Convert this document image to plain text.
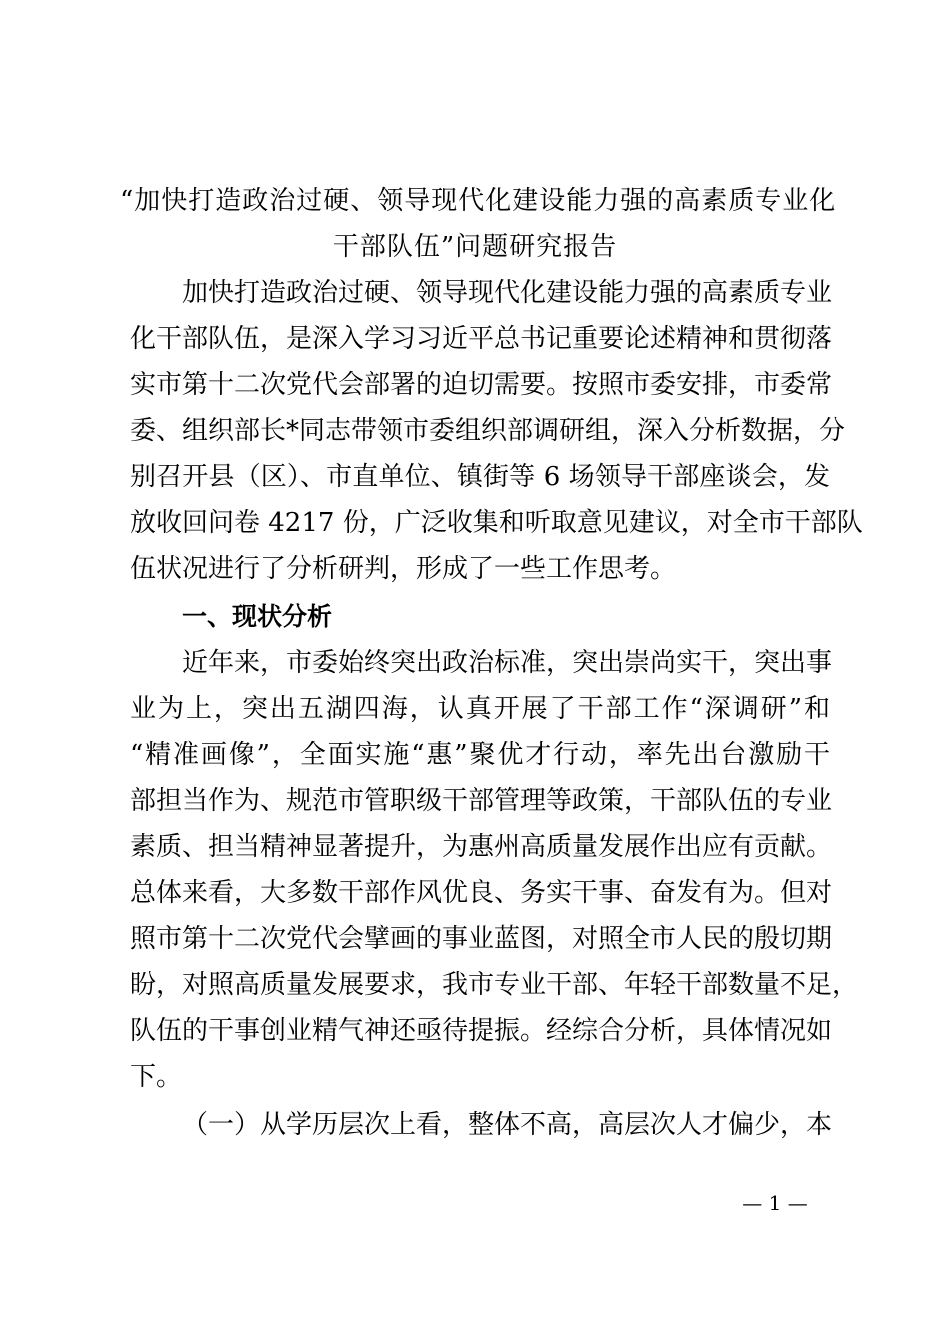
“加快打造政治过硬、领导现代化建设能力强的高素质专业化
干部队伍”问题研究报告
加快打造政治过硬、领导现代化建设能力强的高素质专业
化干部队伍，是深入学习习近平总书记重要论述精神和贯彻落
实市第十二次党代会部署的迫切需要。按照市委安排，市委常
委、组织部长*同志带领市委组织部调研组，深入分析数据，分
别召开县（区）、市直单位、镇街等 6 场领导干部座谈会，发
放收回问卷 4217 份，广泛收集和听取意见建议，对全市干部队
伍状况进行了分析研判，形成了一些工作思考。
一、现状分析
近年来，市委始终突出政治标准，突出崇尚实干，突出事
业为上，突出五湖四海，认真开展了干部工作“深调研”和
“精准画像”，全面实施“惠”聚优才行动，率先出台激励干
部担当作为、规范市管职级干部管理等政策，干部队伍的专业
素质、担当精神显著提升，为惠州高质量发展作出应有贡献。
总体来看，大多数干部作风优良、务实干事、奋发有为。但对
照市第十二次党代会擘画的事业蓝图，对照全市人民的殷切期
盼，对照高质量发展要求，我市专业干部、年轻干部数量不足，
队伍的干事创业精气神还亟待提振。经综合分析，具体情况如
下。
（一）从学历层次上看，整体不高，高层次人才偏少，本
— 1 —
